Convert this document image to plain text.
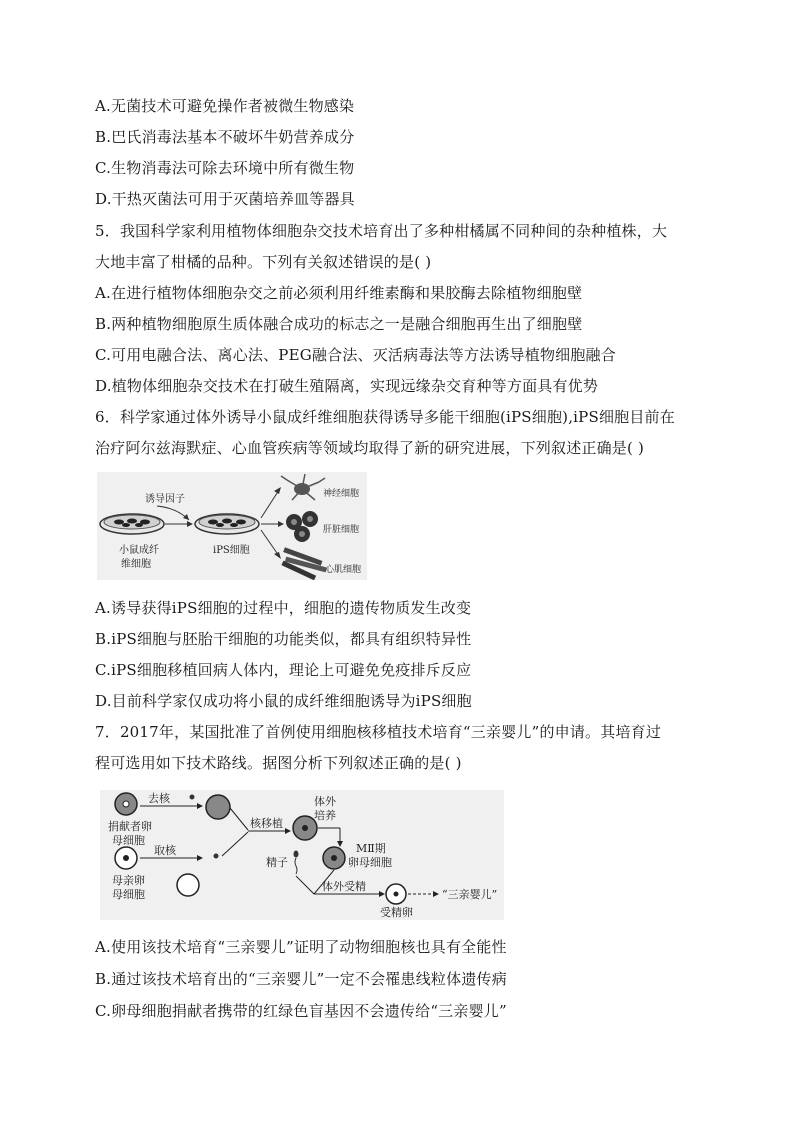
A.无菌技术可避免操作者被微生物感染
B.巴氏消毒法基本不破坏牛奶营养成分
C.生物消毒法可除去环境中所有微生物
D.干热灭菌法可用于灭菌培养皿等器具
5．我国科学家利用植物体细胞杂交技术培育出了多种柑橘属不同种间的杂种植株，大
大地丰富了柑橘的品种。下列有关叙述错误的是( )
A.在进行植物体细胞杂交之前必须利用纤维素酶和果胶酶去除植物细胞壁
B.两种植物细胞原生质体融合成功的标志之一是融合细胞再生出了细胞壁
C.可用电融合法、离心法、PEG融合法、灭活病毒法等方法诱导植物细胞融合
D.植物体细胞杂交技术在打破生殖隔离，实现远缘杂交育种等方面具有优势
6．科学家通过体外诱导小鼠成纤维细胞获得诱导多能干细胞(iPS细胞),iPS细胞目前在
治疗阿尔兹海默症、心血管疾病等领域均取得了新的研究进展，下列叙述正确是( )
小鼠成纤
维细胞
诱导因子
iPS细胞
神经细胞
肝脏细胞
心肌细胞
A.诱导获得iPS细胞的过程中，细胞的遗传物质发生改变
B.iPS细胞与胚胎干细胞的功能类似，都具有组织特异性
C.iPS细胞移植回病人体内，理论上可避免免疫排斥反应
D.目前科学家仅成功将小鼠的成纤维细胞诱导为iPS细胞
7．2017年，某国批准了首例使用细胞核移植技术培育“三亲婴儿”的申请。其培育过
程可选用如下技术路线。据图分析下列叙述正确的是( )
捐献者卵
母细胞
去核
母亲卵
母细胞
取核
核移植
体外
培养
MⅡ期
卵母细胞
精子
体外受精
受精卵
“三亲婴儿”
A.使用该技术培育“三亲婴儿”证明了动物细胞核也具有全能性
B.通过该技术培育出的“三亲婴儿”一定不会罹患线粒体遗传病
C.卵母细胞捐献者携带的红绿色盲基因不会遗传给“三亲婴儿”
